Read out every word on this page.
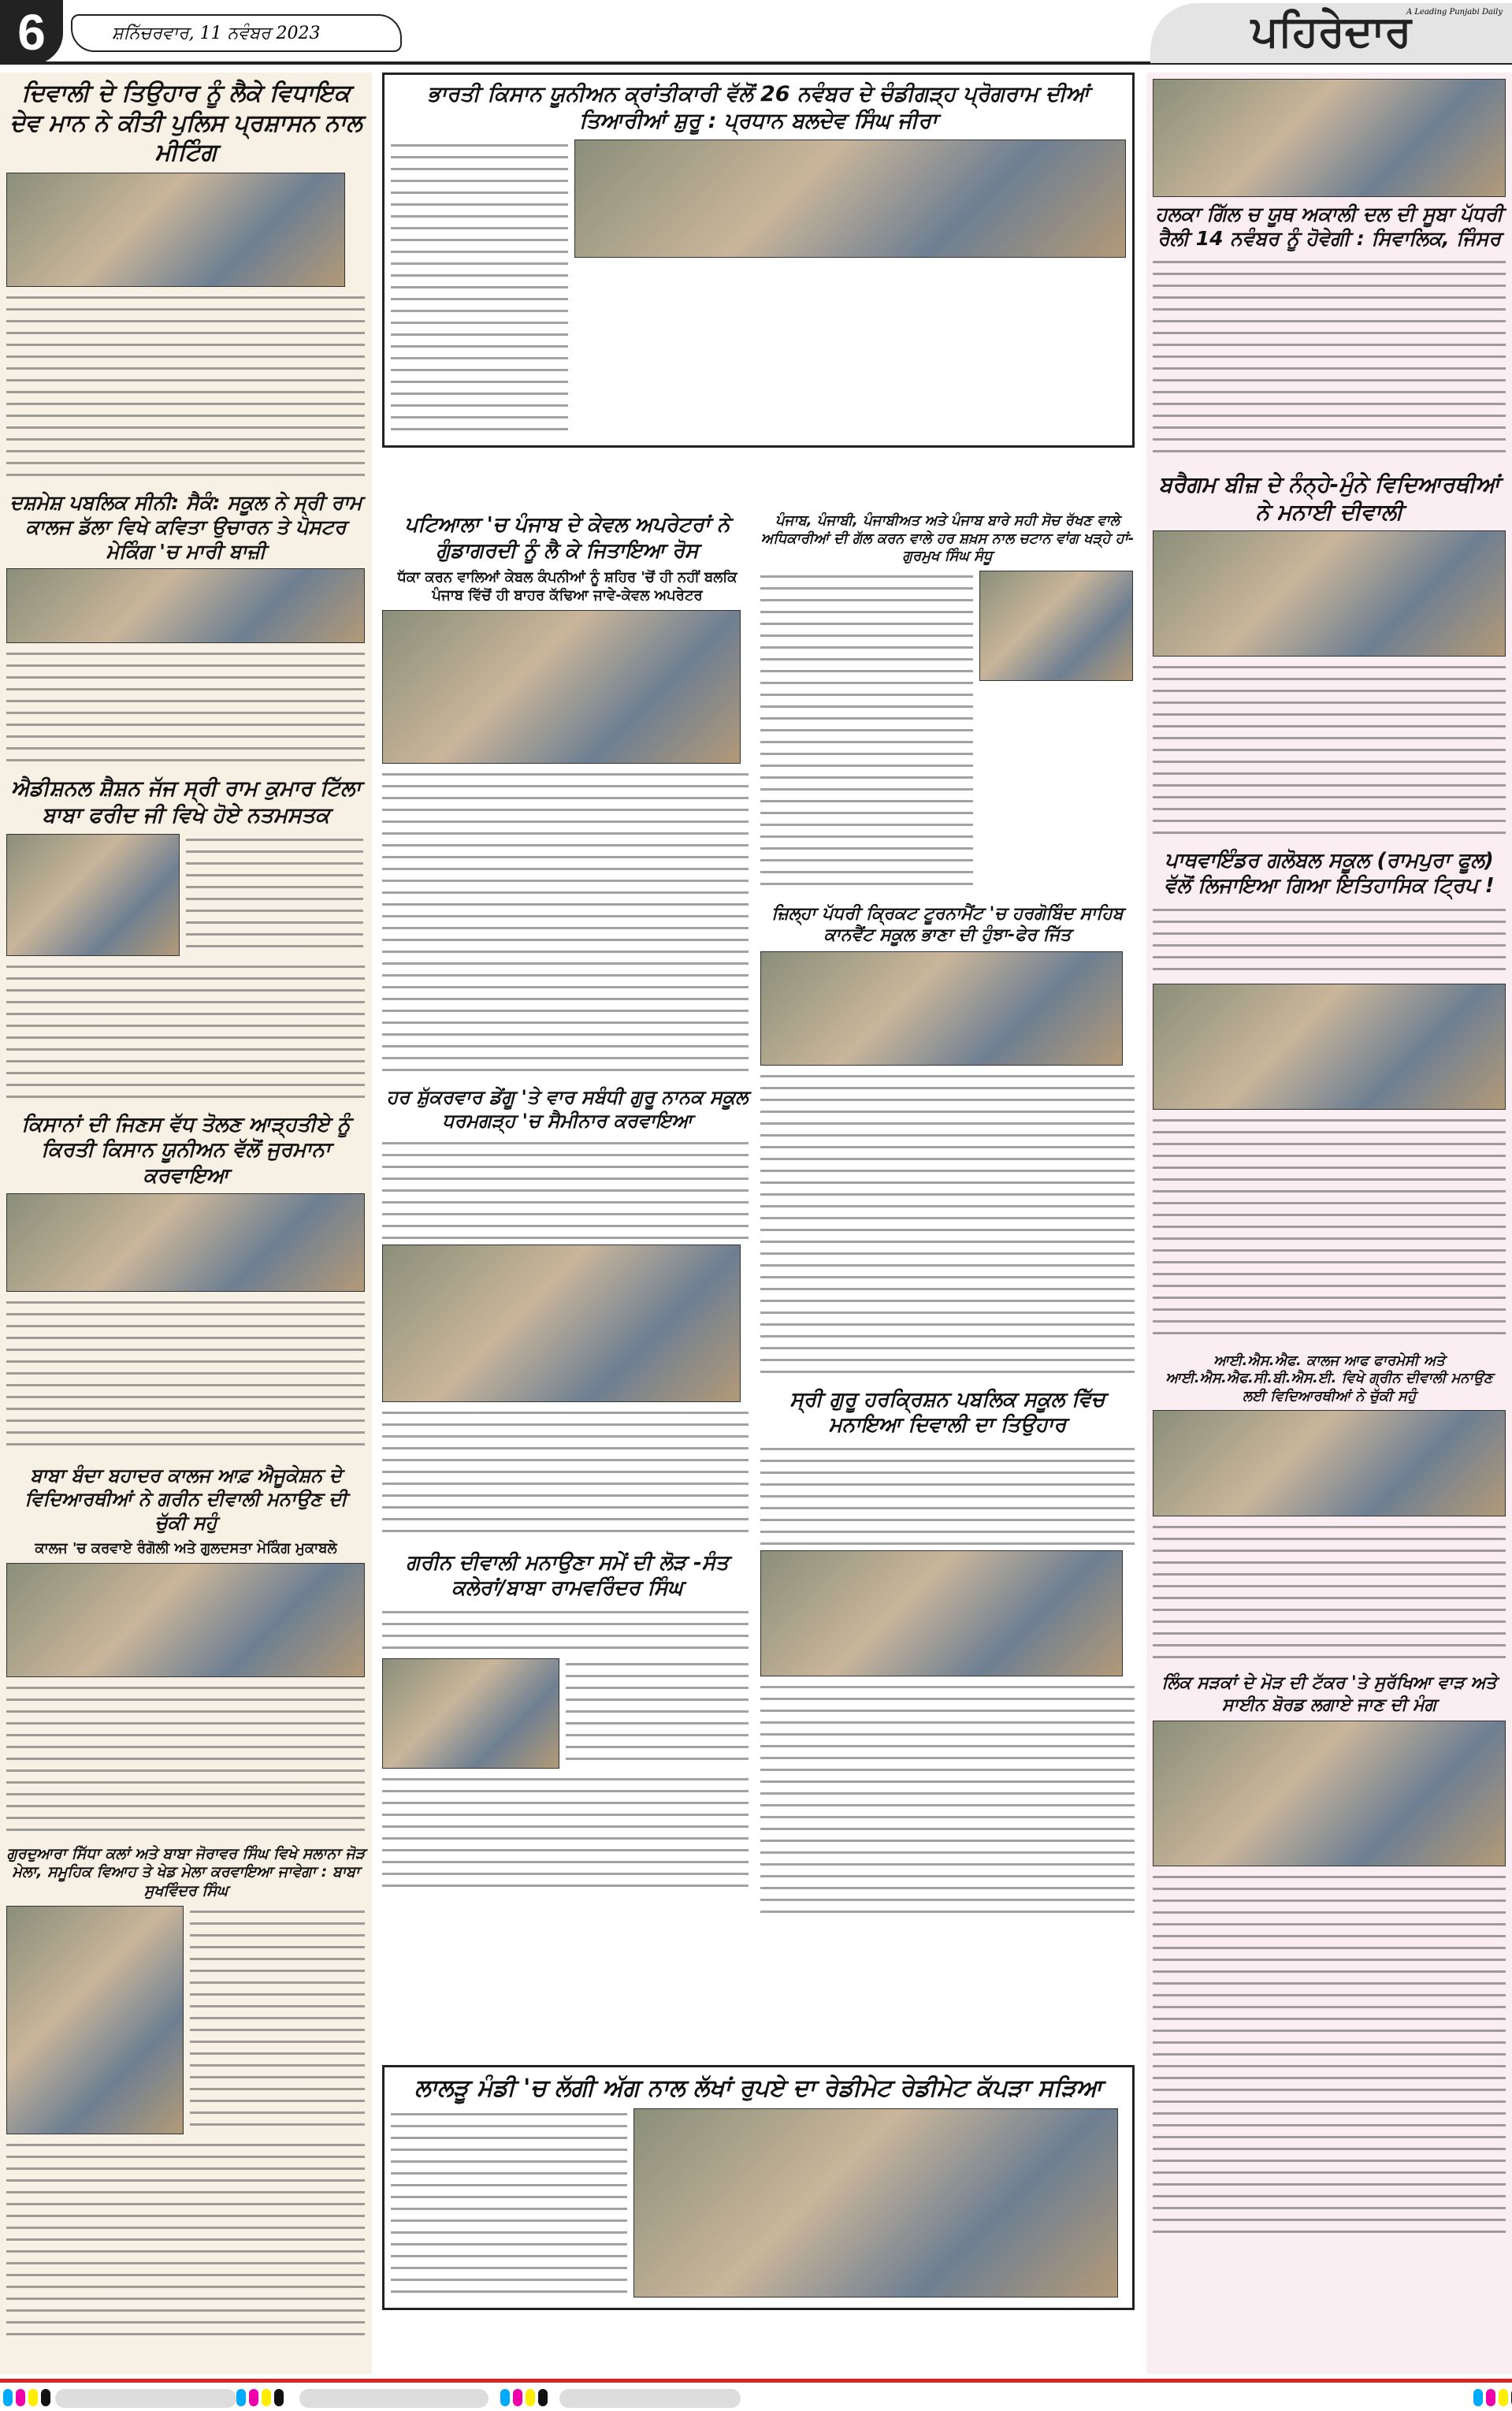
6	ਸ਼ਨਿੱਚਰਵਾਰ, 11 ਨਵੰਬਰ 2023	ਪਹਿਰੇਦਾਰ
A Leading Punjabi Daily
ਦਿਵਾਲੀ ਦੇ ਤਿਉਹਾਰ ਨੂੰ ਲੈਕੇ ਵਿਧਾਇਕ ਦੇਵ ਮਾਨ ਨੇ ਕੀਤੀ ਪੁਲਿਸ ਪ੍ਰਸ਼ਾਸਨ ਨਾਲ ਮੀਟਿੰਗ
ਦਸ਼ਮੇਸ਼ ਪਬਲਿਕ ਸੀਨੀ: ਸੈਕੰ: ਸਕੂਲ ਨੇ ਸ੍ਰੀ ਰਾਮ ਕਾਲਜ ਡੱਲਾ ਵਿਖੇ ਕਵਿਤਾ ਉਚਾਰਨ ਤੇ ਪੋਸਟਰ ਮੇਕਿੰਗ 'ਚ ਮਾਰੀ ਬਾਜ਼ੀ
ਐਡੀਸ਼ਨਲ ਸ਼ੈਸ਼ਨ ਜੱਜ ਸ੍ਰੀ ਰਾਮ ਕੁਮਾਰ ਟਿੱਲਾ ਬਾਬਾ ਫਰੀਦ ਜੀ ਵਿਖੇ ਹੋਏ ਨਤਮਸਤਕ
ਕਿਸਾਨਾਂ ਦੀ ਜਿਣਸ ਵੱਧ ਤੋਲਣ ਆੜ੍ਹਤੀਏ ਨੂੰ ਕਿਰਤੀ ਕਿਸਾਨ ਯੂਨੀਅਨ ਵੱਲੋਂ ਜੁਰਮਾਨਾ ਕਰਵਾਇਆ
ਬਾਬਾ ਬੰਦਾ ਬਹਾਦਰ ਕਾਲਜ ਆਫ਼ ਐਜੂਕੇਸ਼ਨ ਦੇ ਵਿਦਿਆਰਥੀਆਂ ਨੇ ਗਰੀਨ ਦੀਵਾਲੀ ਮਨਾਉਣ ਦੀ ਚੁੱਕੀ ਸਹੁੰ
ਕਾਲਜ 'ਚ ਕਰਵਾਏ ਰੰਗੋਲੀ ਅਤੇ ਗੁਲਦਸਤਾ ਮੇਕਿੰਗ ਮੁਕਾਬਲੇ
ਗੁਰਦੁਆਰਾ ਸਿੱਧਾ ਕਲਾਂ ਅਤੇ ਬਾਬਾ ਜੋਰਾਵਰ ਸਿੰਘ ਵਿਖੇ ਸਲਾਨਾ ਜੋੜ ਮੇਲਾ, ਸਮੂਹਿਕ ਵਿਆਹ ਤੇ ਖੇਡ ਮੇਲਾ ਕਰਵਾਇਆ ਜਾਵੇਗਾ : ਬਾਬਾ ਸੁਖਵਿੰਦਰ ਸਿੰਘ
ਭਾਰਤੀ ਕਿਸਾਨ ਯੂਨੀਅਨ ਕ੍ਰਾਂਤੀਕਾਰੀ ਵੱਲੋਂ 26 ਨਵੰਬਰ ਦੇ ਚੰਡੀਗੜ੍ਹ ਪ੍ਰੋਗਰਾਮ ਦੀਆਂ ਤਿਆਰੀਆਂ ਸ਼ੁਰੂ : ਪ੍ਰਧਾਨ ਬਲਦੇਵ ਸਿੰਘ ਜੀਰਾ
ਪਟਿਆਲਾ 'ਚ ਪੰਜਾਬ ਦੇ ਕੇਵਲ ਅਪਰੇਟਰਾਂ ਨੇ ਗੁੰਡਾਗਰਦੀ ਨੂੰ ਲੈ ਕੇ ਜਿਤਾਇਆ ਰੋਸ
ਧੱਕਾ ਕਰਨ ਵਾਲਿਆਂ ਕੇਬਲ ਕੰਪਨੀਆਂ ਨੂੰ ਸ਼ਹਿਰ 'ਚੋਂ ਹੀ ਨਹੀਂ ਬਲਕਿ ਪੰਜਾਬ ਵਿੱਚੋਂ ਹੀ ਬਾਹਰ ਕੱਢਿਆ ਜਾਵੇ-ਕੇਵਲ ਅਪਰੇਟਰ
ਹਰ ਸ਼ੁੱਕਰਵਾਰ ਡੇਂਗੂ 'ਤੇ ਵਾਰ ਸਬੰਧੀ ਗੁਰੂ ਨਾਨਕ ਸਕੂਲ ਧਰਮਗੜ੍ਹ 'ਚ ਸੈਮੀਨਾਰ ਕਰਵਾਇਆ
ਗਰੀਨ ਦੀਵਾਲੀ ਮਨਾਉਣਾ ਸਮੇਂ ਦੀ ਲੋੜ -ਸੰਤ ਕਲੇਰਾਂ/ਬਾਬਾ ਰਾਮਵਰਿੰਦਰ ਸਿੰਘ
ਪੰਜਾਬ, ਪੰਜਾਬੀ, ਪੰਜਾਬੀਅਤ ਅਤੇ ਪੰਜਾਬ ਬਾਰੇ ਸਹੀ ਸੋਚ ਰੱਖਣ ਵਾਲੇ ਅਧਿਕਾਰੀਆਂ ਦੀ ਗੱਲ ਕਰਨ ਵਾਲੇ ਹਰ ਸ਼ਖ਼ਸ ਨਾਲ ਚਟਾਨ ਵਾਂਗ ਖੜ੍ਹੇ ਹਾਂ-ਗੁਰਮੁਖ ਸਿੰਘ ਸੰਧੂ
ਜ਼ਿਲ੍ਹਾ ਪੱਧਰੀ ਕ੍ਰਿਕਟ ਟੂਰਨਾਮੈਂਟ 'ਚ ਹਰਗੋਬਿੰਦ ਸਾਹਿਬ ਕਾਨਵੈਂਟ ਸਕੂਲ ਭਾਣਾ ਦੀ ਹੁੰਝਾ-ਫੇਰ ਜਿੱਤ
ਸ੍ਰੀ ਗੁਰੂ ਹਰਕ੍ਰਿਸ਼ਨ ਪਬਲਿਕ ਸਕੂਲ ਵਿੱਚ ਮਨਾਇਆ ਦਿਵਾਲੀ ਦਾ ਤਿਉਹਾਰ
ਲਾਲੜੂ ਮੰਡੀ 'ਚ ਲੱਗੀ ਅੱਗ ਨਾਲ ਲੱਖਾਂ ਰੁਪਏ ਦਾ ਰੇਡੀਮੇਟ ਰੇਡੀਮੇਟ ਕੱਪੜਾ ਸੜਿਆ
ਹਲਕਾ ਗਿੱਲ ਚ ਯੂਥ ਅਕਾਲੀ ਦਲ ਦੀ ਸੂਬਾ ਪੱਧਰੀ ਰੈਲੀ 14 ਨਵੰਬਰ ਨੂੰ ਹੋਵੇਗੀ : ਸਿਵਾਲਿਕ, ਜਿੰਸਰ
ਬਰੈਗਮ ਬੀਜ਼ ਦੇ ਨੰਨ੍ਹੇ-ਮੁੰਨੇ ਵਿਦਿਆਰਥੀਆਂ ਨੇ ਮਨਾਈ ਦੀਵਾਲੀ
ਪਾਥਵਾਇੰਡਰ ਗਲੋਬਲ ਸਕੂਲ (ਰਾਮਪੁਰਾ ਫੂਲ) ਵੱਲੋਂ ਲਿਜਾਇਆ ਗਿਆ ਇਤਿਹਾਸਿਕ ਟ੍ਰਿਪ !
ਆਈ.ਐਸ.ਐਫ. ਕਾਲਜ ਆਫ ਫਾਰਮੇਸੀ ਅਤੇ ਆਈ.ਐਸ.ਐਫ.ਸੀ.ਬੀ.ਐਸ.ਈ. ਵਿਖੇ ਗ੍ਰੀਨ ਦੀਵਾਲੀ ਮਨਾਉਣ ਲਈ ਵਿਦਿਆਰਥੀਆਂ ਨੇ ਚੁੱਕੀ ਸਹੁੰ
ਲਿੰਕ ਸੜਕਾਂ ਦੇ ਮੋੜ ਦੀ ਟੱਕਰ 'ਤੇ ਸੁਰੱਖਿਆ ਵਾੜ ਅਤੇ ਸਾਈਨ ਬੋਰਡ ਲਗਾਏ ਜਾਣ ਦੀ ਮੰਗ
